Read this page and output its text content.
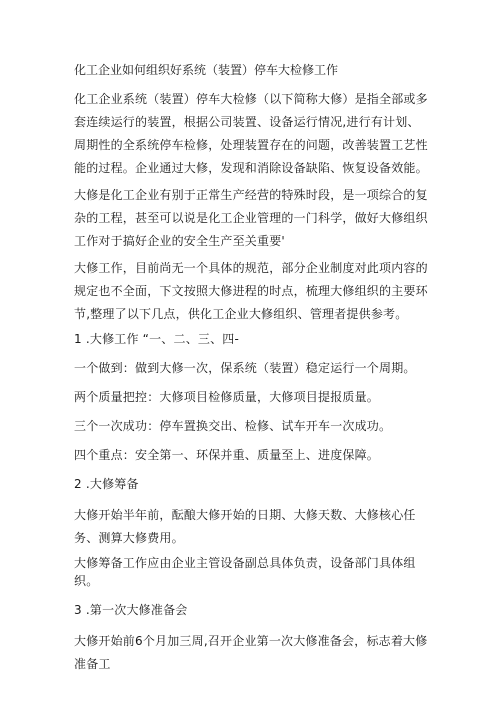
化工企业如何组织好系统（装置）停车大检修工作
化工企业系统（装置）停车大检修（以下简称大修）是指全部或多套连续运行的装置，根据公司装置、设备运行情况,进行有计划、周期性的全系统停车检修，处理装置存在的问题，改善装置工艺性能的过程。企业通过大修，发现和消除设备缺陷、恢复设备效能。
大修是化工企业有别于正常生产经营的特殊时段，是一项综合的复杂的工程，甚至可以说是化工企业管理的一门科学，做好大修组织工作对于搞好企业的安全生产至关重要'
大修工作，目前尚无一个具体的规范，部分企业制度对此项内容的规定也不全面，下文按照大修进程的时点，梳理大修组织的主要环节,整理了以下几点，供化工企业大修组织、管理者提供参考。
1 .大修工作 “一、二、三、四-
一个做到：做到大修一次，保系统（装置）稳定运行一个周期。
两个质量把控：大修项目检修质量，大修项目提报质量。
三个一次成功：停车置换交出、检修、试车开车一次成功。
四个重点：安全第一、环保并重、质量至上、进度保障。
2 .大修筹备
大修开始半年前，酝酿大修开始的日期、大修天数、大修核心任务、测算大修费用。
大修筹备工作应由企业主管设备副总具体负责，设备部门具体组织。
3 .第一次大修准备会
大修开始前6个月加三周,召开企业第一次大修准备会，标志着大修准备工
